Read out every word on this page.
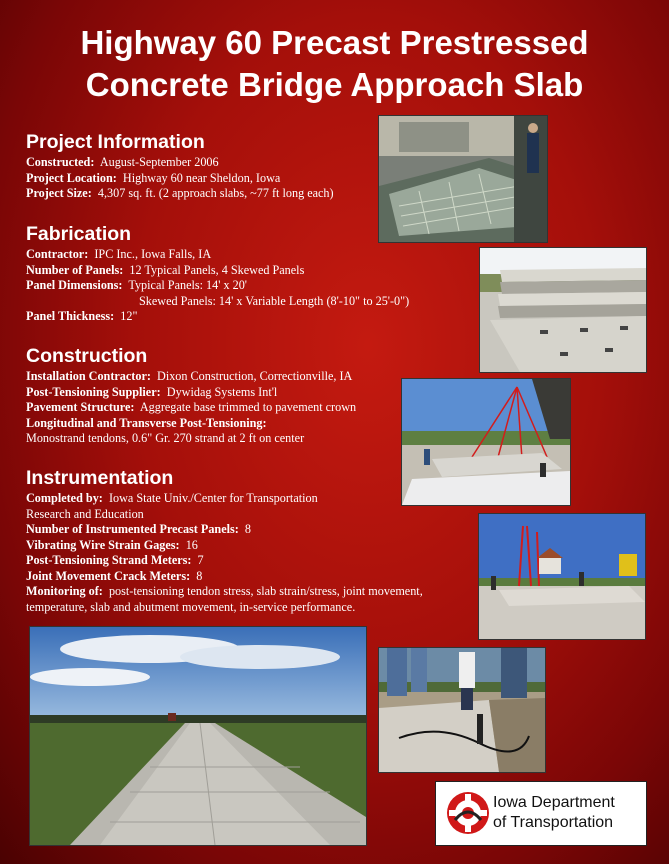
Highway 60 Precast Prestressed
Concrete Bridge Approach Slab
Project Information
Constructed: August-September 2006
Project Location: Highway 60 near Sheldon, Iowa
Project Size: 4,307 sq. ft. (2 approach slabs, ~77 ft long each)
Fabrication
Contractor: IPC Inc., Iowa Falls, IA
Number of Panels: 12 Typical Panels, 4 Skewed Panels
Panel Dimensions: Typical Panels: 14' x 20'
Skewed Panels: 14' x Variable Length (8'-10" to 25'-0")
Panel Thickness: 12"
Construction
Installation Contractor: Dixon Construction, Correctionville, IA
Post-Tensioning Supplier: Dywidag Systems Int'l
Pavement Structure: Aggregate base trimmed to pavement crown
Longitudinal and Transverse Post-Tensioning:
Monostrand tendons, 0.6" Gr. 270 strand at 2 ft on center
Instrumentation
Completed by: Iowa State Univ./Center for Transportation
Research and Education
Number of Instrumented Precast Panels: 8
Vibrating Wire Strain Gages: 16
Post-Tensioning Strand Meters: 7
Joint Movement Crack Meters: 8
Monitoring of: post-tensioning tendon stress, slab strain/stress, joint movement,
temperature, slab and abutment movement, in-service performance.
Iowa Department
of Transportation
